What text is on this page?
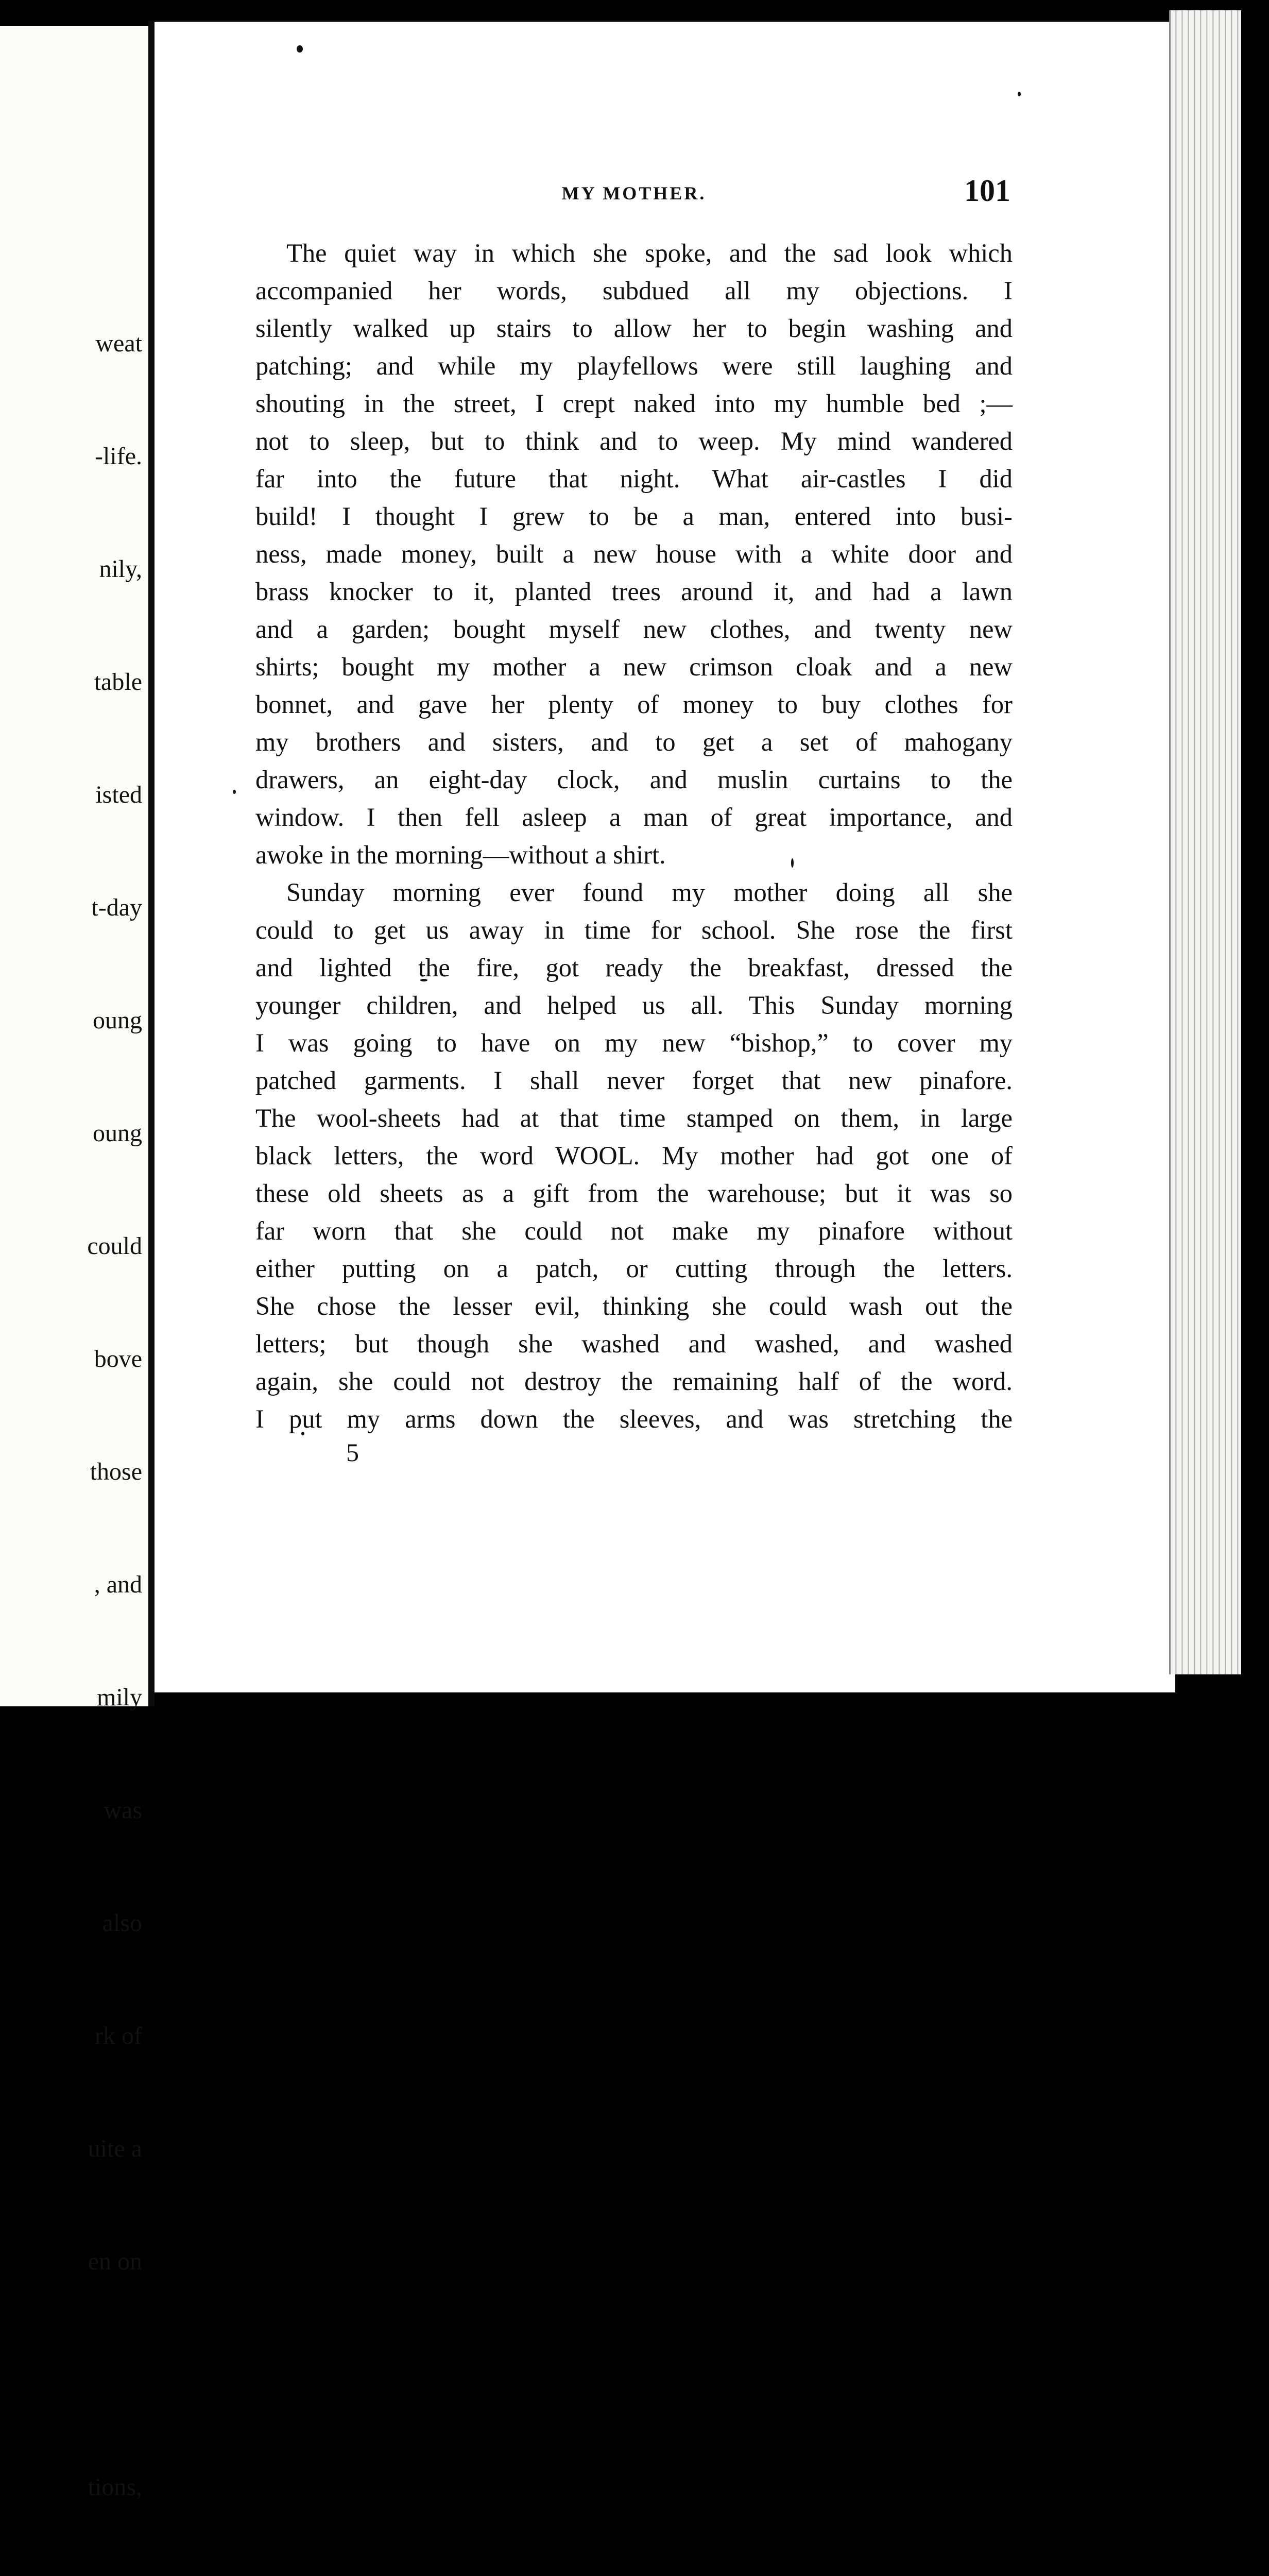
weat

-life.

nily,

table

isted

t-day

oung

oung

could

bove

those

, and

mily

was

also

rk of

uite a

en on

tions,

MY MOTHER.	101
The quiet way in which she spoke, and the sad look which
accompanied her words, subdued all my objections. I
silently walked up stairs to allow her to begin washing and
patching; and while my playfellows were still laughing and
shouting in the street, I crept naked into my humble bed ;—
not to sleep, but to think and to weep. My mind wandered
far into the future that night. What air-castles I did
build! I thought I grew to be a man, entered into busi-
ness, made money, built a new house with a white door and
brass knocker to it, planted trees around it, and had a lawn
and a garden; bought myself new clothes, and twenty new
shirts; bought my mother a new crimson cloak and a new
bonnet, and gave her plenty of money to buy clothes for
my brothers and sisters, and to get a set of mahogany
drawers, an eight-day clock, and muslin curtains to the
window. I then fell asleep a man of great importance, and
awoke in the morning—without a shirt.
Sunday morning ever found my mother doing all she
could to get us away in time for school. She rose the first
and lighted the fire, got ready the breakfast, dressed the
younger children, and helped us all. This Sunday morning
I was going to have on my new “bishop,” to cover my
patched garments. I shall never forget that new pinafore.
The wool-sheets had at that time stamped on them, in large
black letters, the word WOOL. My mother had got one of
these old sheets as a gift from the warehouse; but it was so
far worn that she could not make my pinafore without
either putting on a patch, or cutting through the letters.
She chose the lesser evil, thinking she could wash out the
letters; but though she washed and washed, and washed
again, she could not destroy the remaining half of the word.
I put my arms down the sleeves, and was stretching the
5
